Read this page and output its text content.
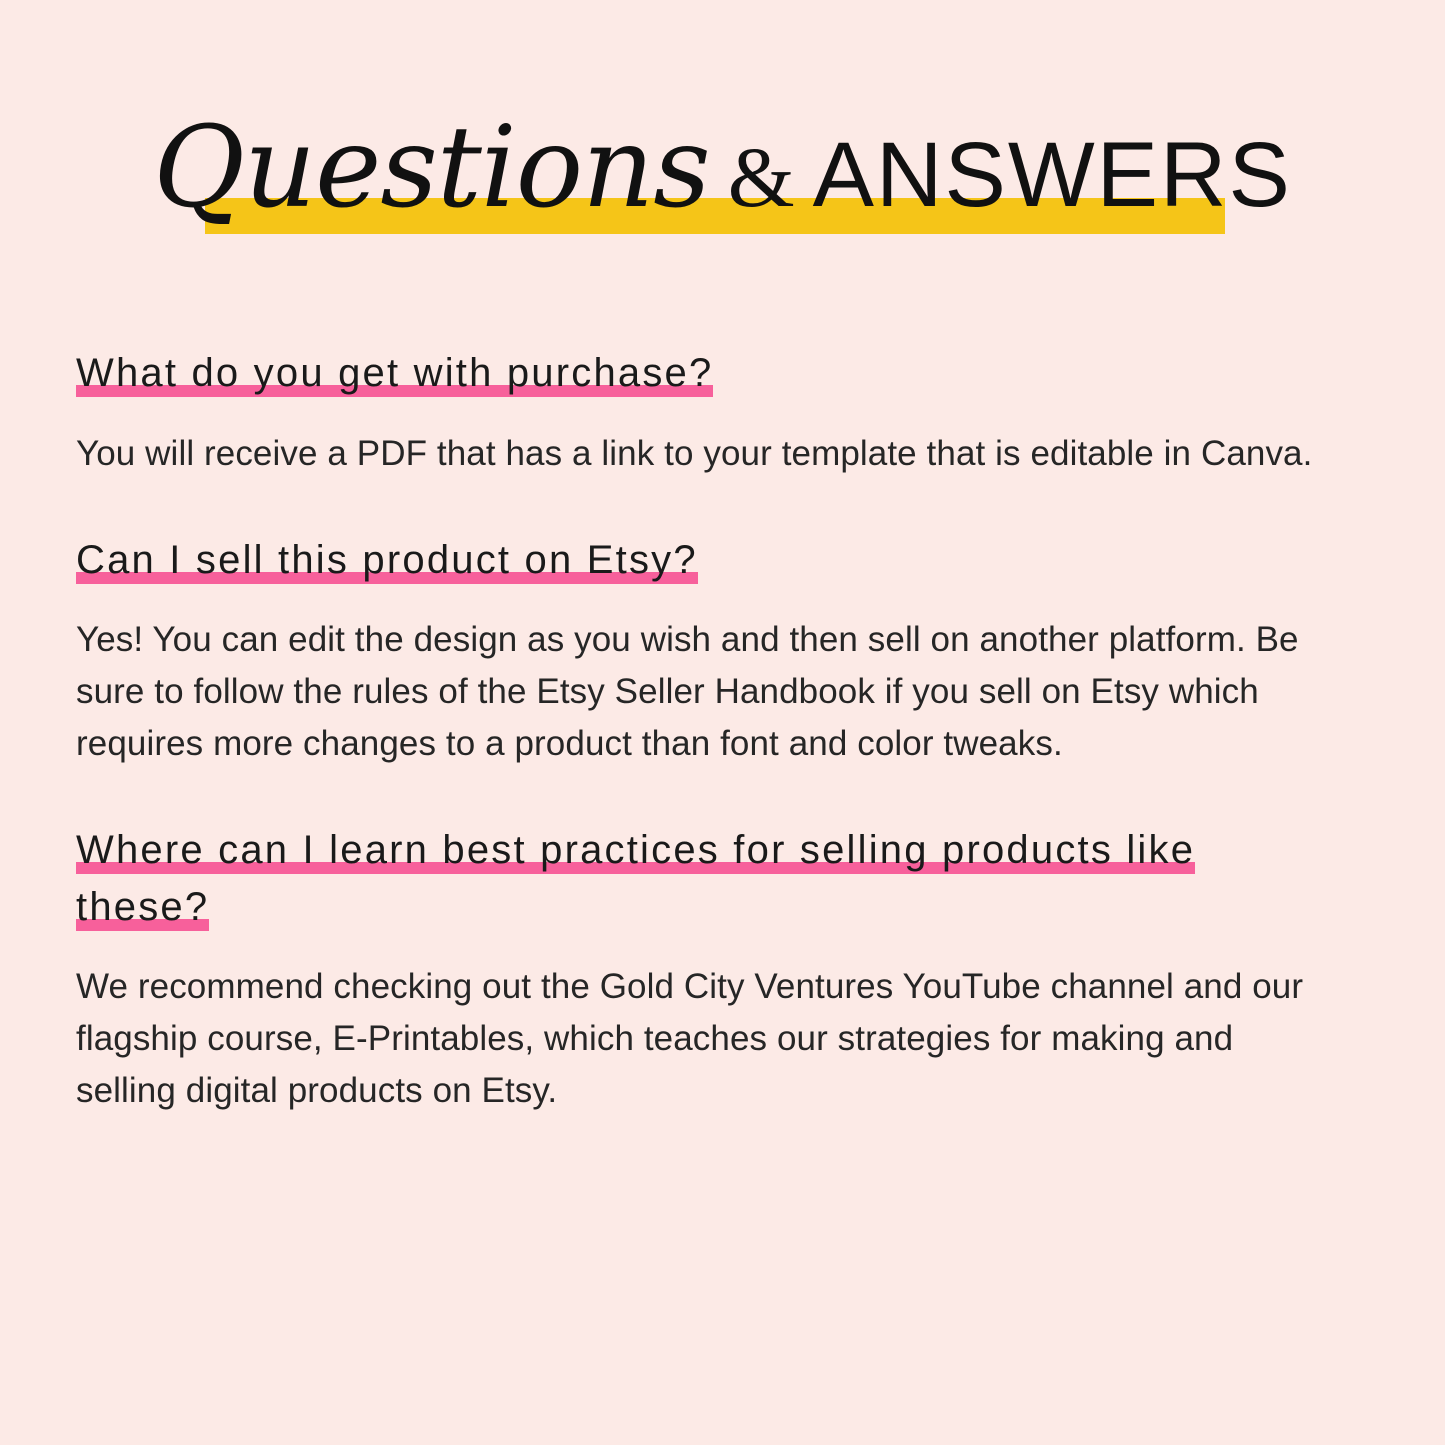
Questions & ANSWERS
What do you get with purchase?

You will receive a PDF that has a link to your template that is editable in Canva.

Can I sell this product on Etsy?

Yes! You can edit the design as you wish and then sell on another platform. Be sure to follow the rules of the Etsy Seller Handbook if you sell on Etsy which requires more changes to a product than font and color tweaks.

Where can I learn best practices for selling products like these?

We recommend checking out the Gold City Ventures YouTube channel and our flagship course, E-Printables, which teaches our strategies for making and selling digital products on Etsy.
